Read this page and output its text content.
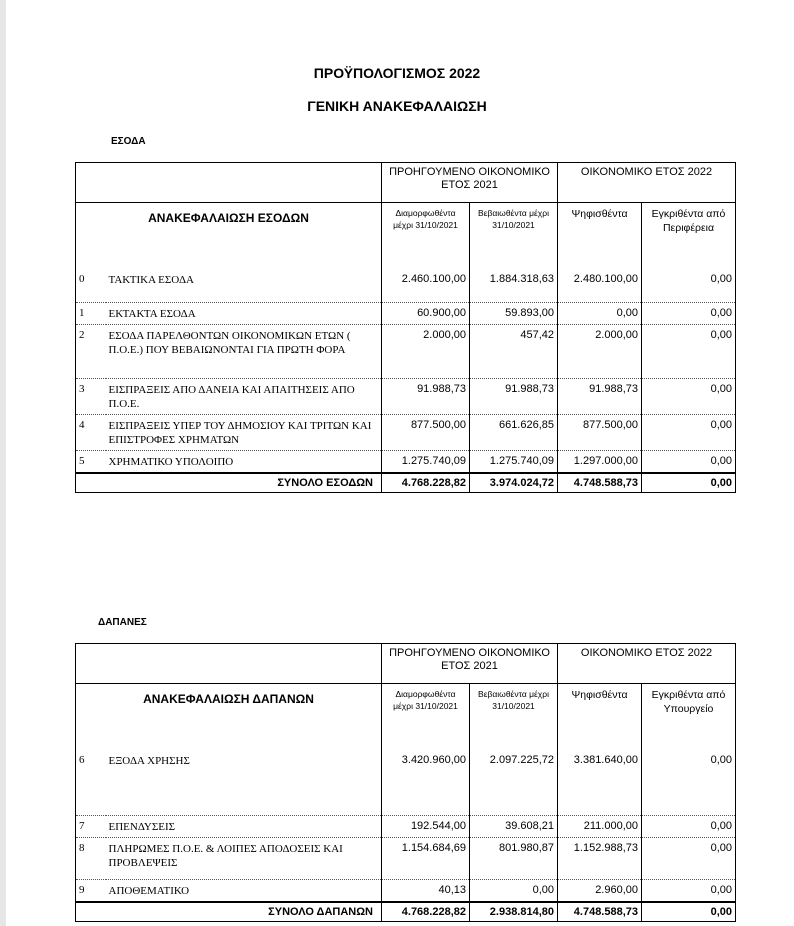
ΠΡΟΫΠΟΛΟΓΙΣΜΟΣ 2022
ΓΕΝΙΚΗ ΑΝΑΚΕΦΑΛΑΙΩΣΗ
ΕΣΟΔΑ
		ΠΡΟΗΓΟΥΜΕΝΟ ΟΙΚΟΝΟΜΙΚΟ ΕΤΟΣ 2021		ΟΙΚΟΝΟΜΙΚΟ ΕΤΟΣ 2022	
ΑΝΑΚΕΦΑΛΑΙΩΣΗ ΕΣΟΔΩΝ		Διαμορφωθέντα μέχρι 31/10/2021	Βεβαιωθέντα μέχρι 31/10/2021	Ψηφισθέντα	Εγκριθέντα από Περιφέρεια
0	ΤΑΚΤΙΚΑ ΕΣΟΔΑ	2.460.100,00	1.884.318,63	2.480.100,00	0,00
1	ΕΚΤΑΚΤΑ ΕΣΟΔΑ	60.900,00	59.893,00	0,00	0,00
2	ΕΣΟΔΑ ΠΑΡΕΛΘΟΝΤΩΝ ΟΙΚΟΝΟΜΙΚΩΝ ΕΤΩΝ ( Π.Ο.Ε.) ΠΟΥ ΒΕΒΑΙΩΝΟΝΤΑΙ ΓΙΑ ΠΡΩΤΗ ΦΟΡΑ	2.000,00	457,42	2.000,00	0,00
3	ΕΙΣΠΡΑΞΕΙΣ ΑΠΟ ΔΑΝΕΙΑ ΚΑΙ ΑΠΑΙΤΗΣΕΙΣ ΑΠΟ Π.Ο.Ε.	91.988,73	91.988,73	91.988,73	0,00
4	ΕΙΣΠΡΑΞΕΙΣ ΥΠΕΡ ΤΟΥ ΔΗΜΟΣΙΟΥ ΚΑΙ ΤΡΙΤΩΝ ΚΑΙ ΕΠΙΣΤΡΟΦΕΣ ΧΡΗΜΑΤΩΝ	877.500,00	661.626,85	877.500,00	0,00
5	ΧΡΗΜΑΤΙΚΟ ΥΠΟΛΟΙΠΟ	1.275.740,09	1.275.740,09	1.297.000,00	0,00
ΣΥΝΟΛΟ ΕΣΟΔΩΝ		4.768.228,82	3.974.024,72	4.748.588,73	0,00
ΔΑΠΑΝΕΣ
		ΠΡΟΗΓΟΥΜΕΝΟ ΟΙΚΟΝΟΜΙΚΟ ΕΤΟΣ 2021		ΟΙΚΟΝΟΜΙΚΟ ΕΤΟΣ 2022	
ΑΝΑΚΕΦΑΛΑΙΩΣΗ ΔΑΠΑΝΩΝ		Διαμορφωθέντα μέχρι 31/10/2021	Βεβαιωθέντα μέχρι 31/10/2021	Ψηφισθέντα	Εγκριθέντα από Υπουργείο
6	ΕΞΟΔΑ ΧΡΗΣΗΣ	3.420.960,00	2.097.225,72	3.381.640,00	0,00
7	ΕΠΕΝΔΥΣΕΙΣ	192.544,00	39.608,21	211.000,00	0,00
8	ΠΛΗΡΩΜΕΣ Π.Ο.Ε. & ΛΟΙΠΕΣ ΑΠΟΔΟΣΕΙΣ ΚΑΙ ΠΡΟΒΛΕΨΕΙΣ	1.154.684,69	801.980,87	1.152.988,73	0,00
9	ΑΠΟΘΕΜΑΤΙΚΟ	40,13	0,00	2.960,00	0,00
ΣΥΝΟΛΟ ΔΑΠΑΝΩΝ		4.768.228,82	2.938.814,80	4.748.588,73	0,00
